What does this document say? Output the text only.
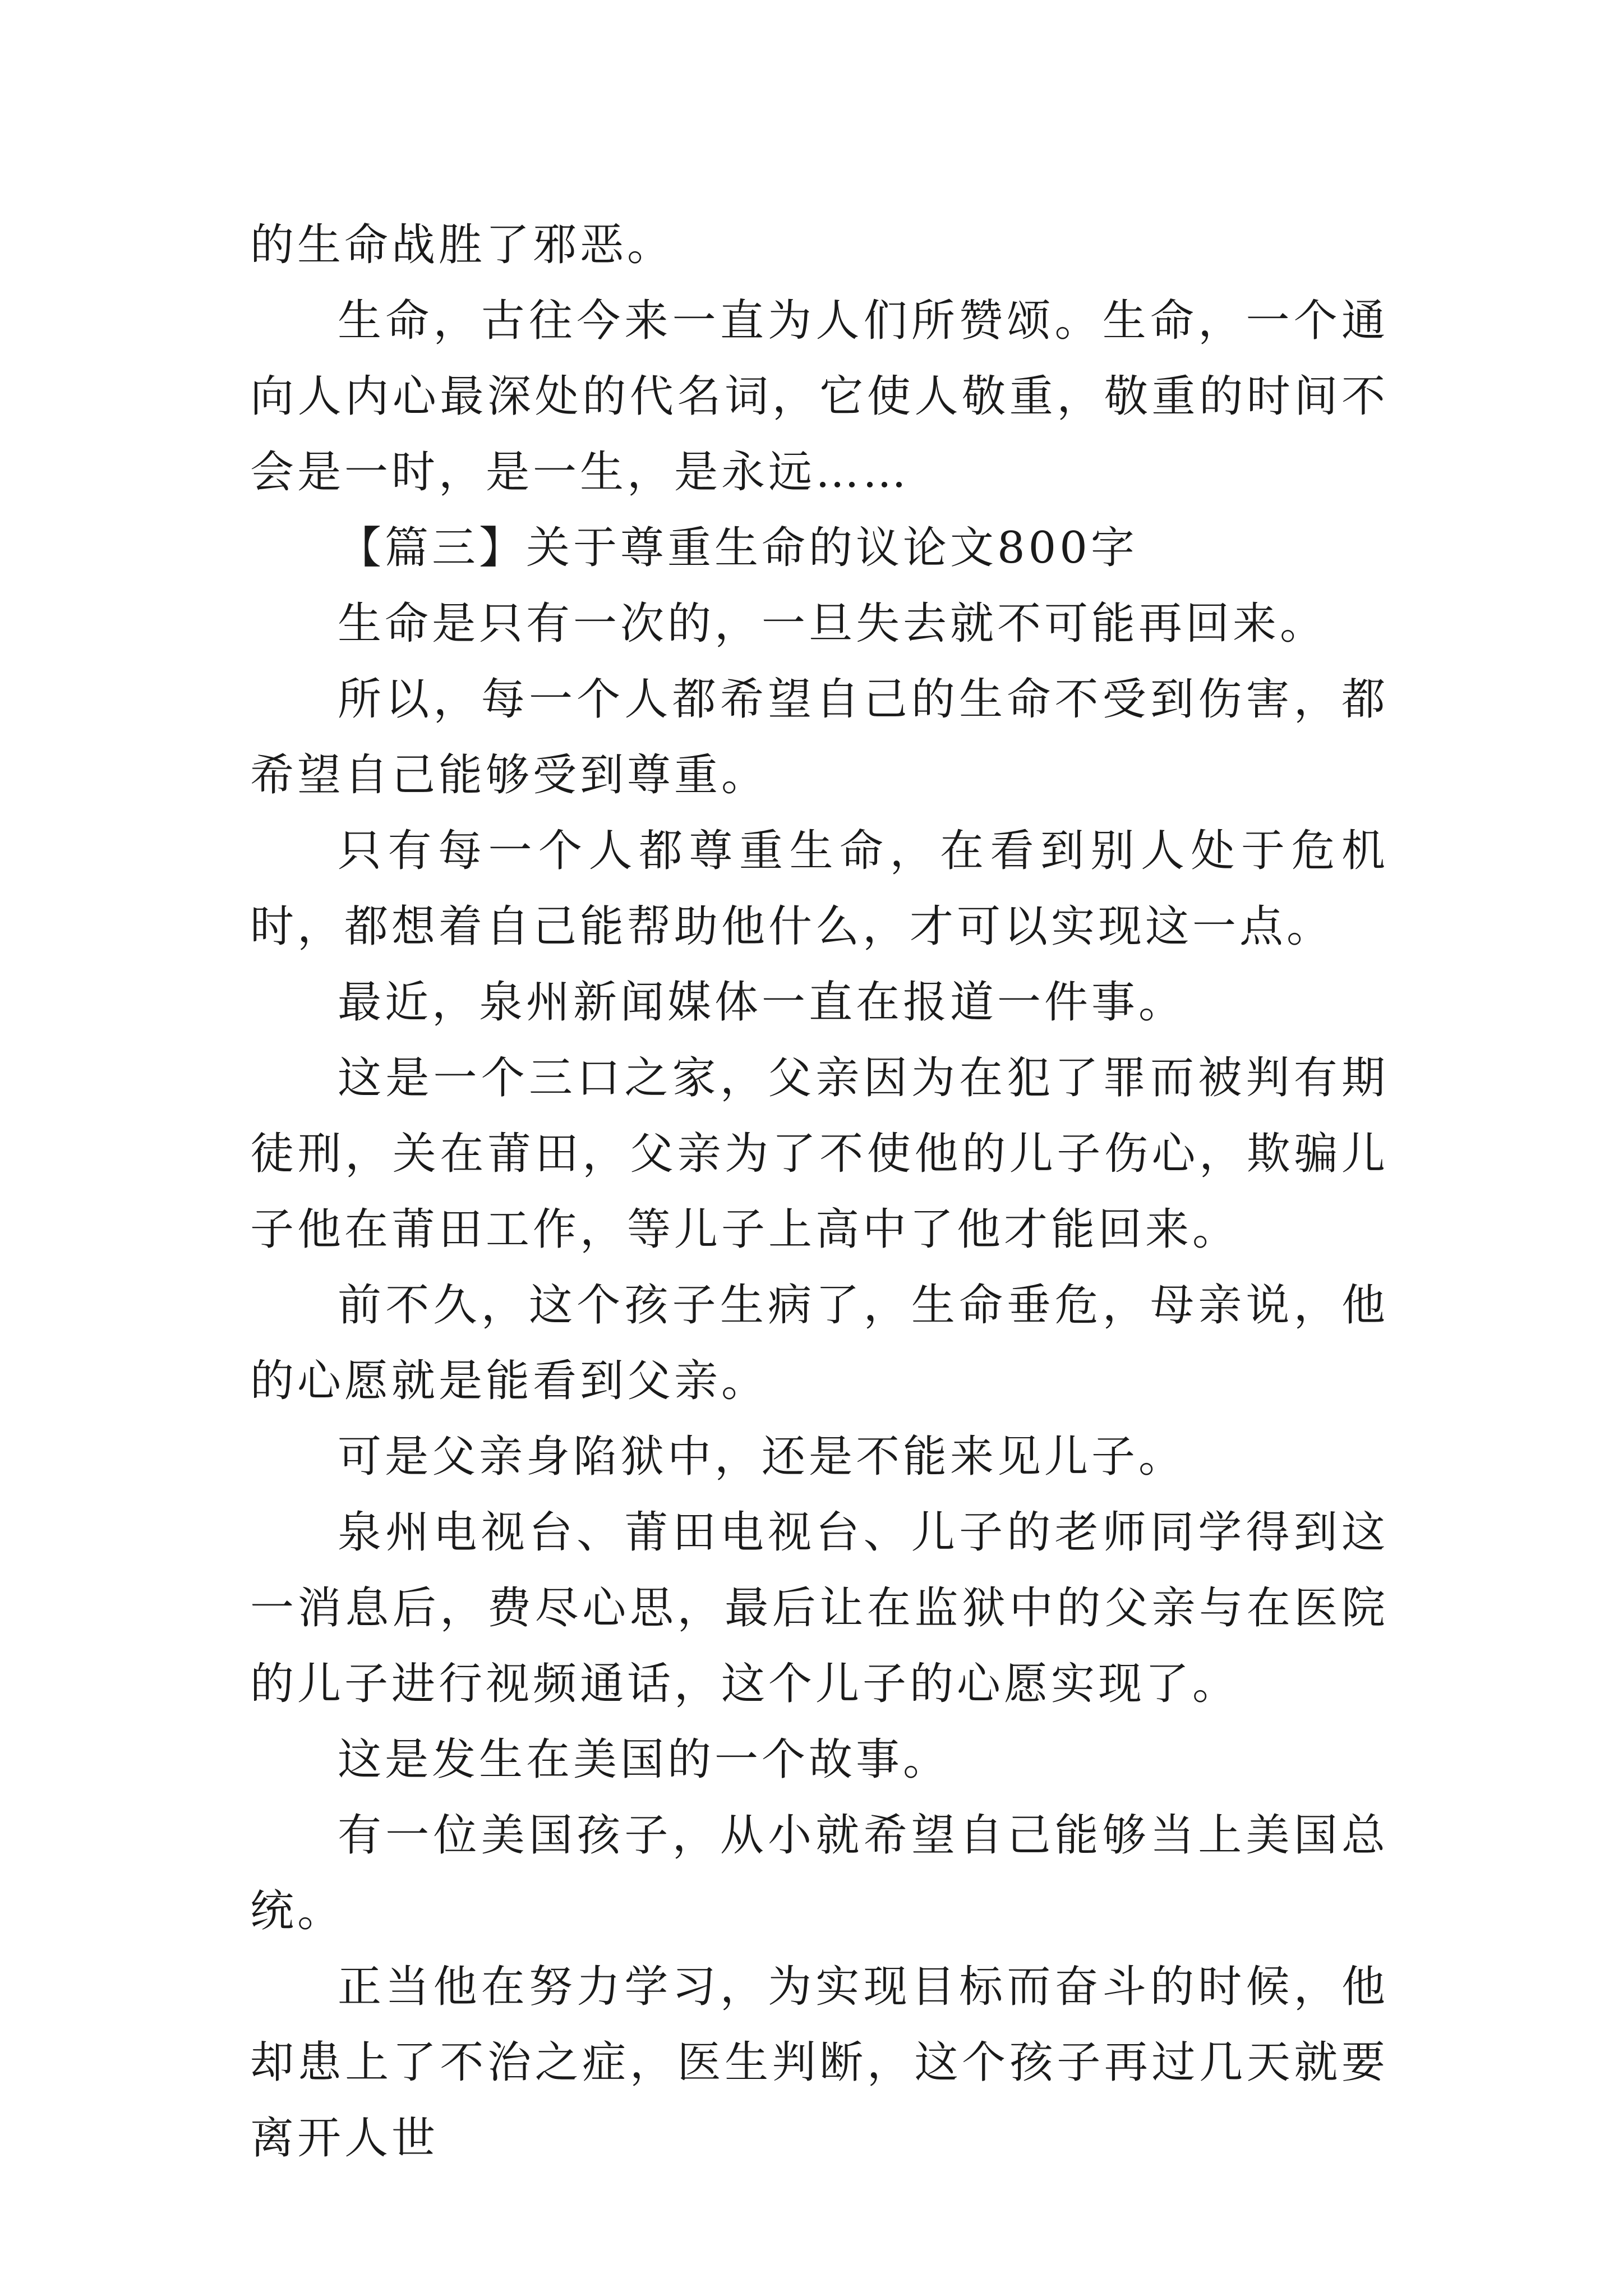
的生命战胜了邪恶。

生命，古往今来一直为人们所赞颂。生命，一个通向人内心最深处的代名词，它使人敬重，敬重的时间不会是一时，是一生，是永远……

【篇三】关于尊重生命的议论文800字

生命是只有一次的，一旦失去就不可能再回来。

所以，每一个人都希望自己的生命不受到伤害，都希望自己能够受到尊重。

只有每一个人都尊重生命，在看到别人处于危机时，都想着自己能帮助他什么，才可以实现这一点。

最近，泉州新闻媒体一直在报道一件事。

这是一个三口之家，父亲因为在犯了罪而被判有期徒刑，关在莆田，父亲为了不使他的儿子伤心，欺骗儿子他在莆田工作，等儿子上高中了他才能回来。

前不久，这个孩子生病了，生命垂危，母亲说，他的心愿就是能看到父亲。

可是父亲身陷狱中，还是不能来见儿子。

泉州电视台、莆田电视台、儿子的老师同学得到这一消息后，费尽心思，最后让在监狱中的父亲与在医院的儿子进行视频通话，这个儿子的心愿实现了。

这是发生在美国的一个故事。

有一位美国孩子，从小就希望自己能够当上美国总统。

正当他在努力学习，为实现目标而奋斗的时候，他却患上了不治之症，医生判断，这个孩子再过几天就要离开人世
